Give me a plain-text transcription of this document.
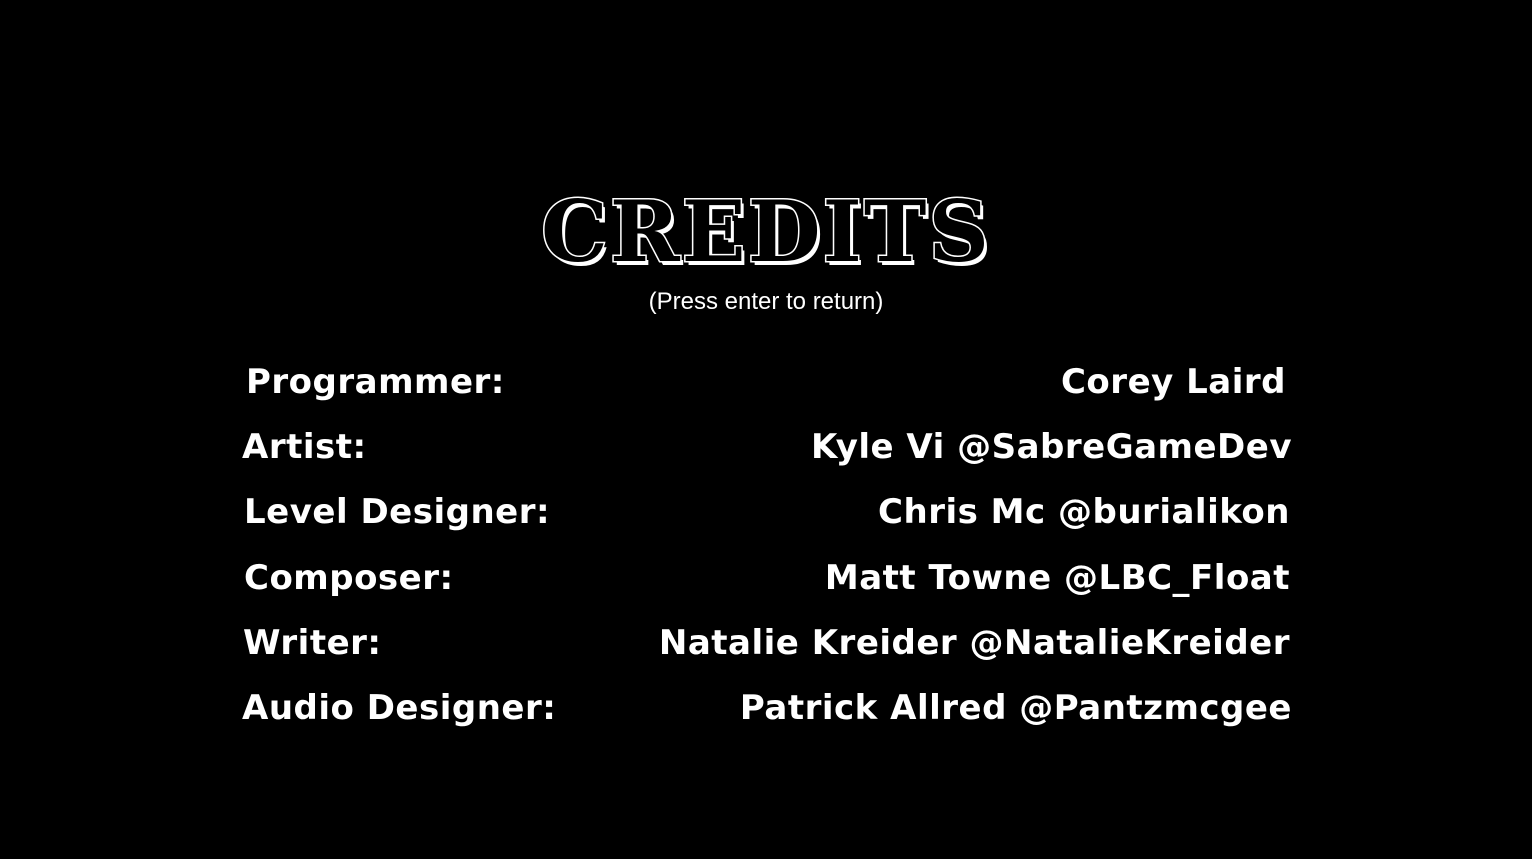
CREDITS
(Press enter to return)
Programmer:	Corey Laird
Artist:	Kyle Vi @SabreGameDev
Level Designer:	Chris Mc @burialikon
Composer:	Matt Towne @LBC_Float
Writer:	Natalie Kreider @NatalieKreider
Audio Designer:	Patrick Allred @Pantzmcgee
